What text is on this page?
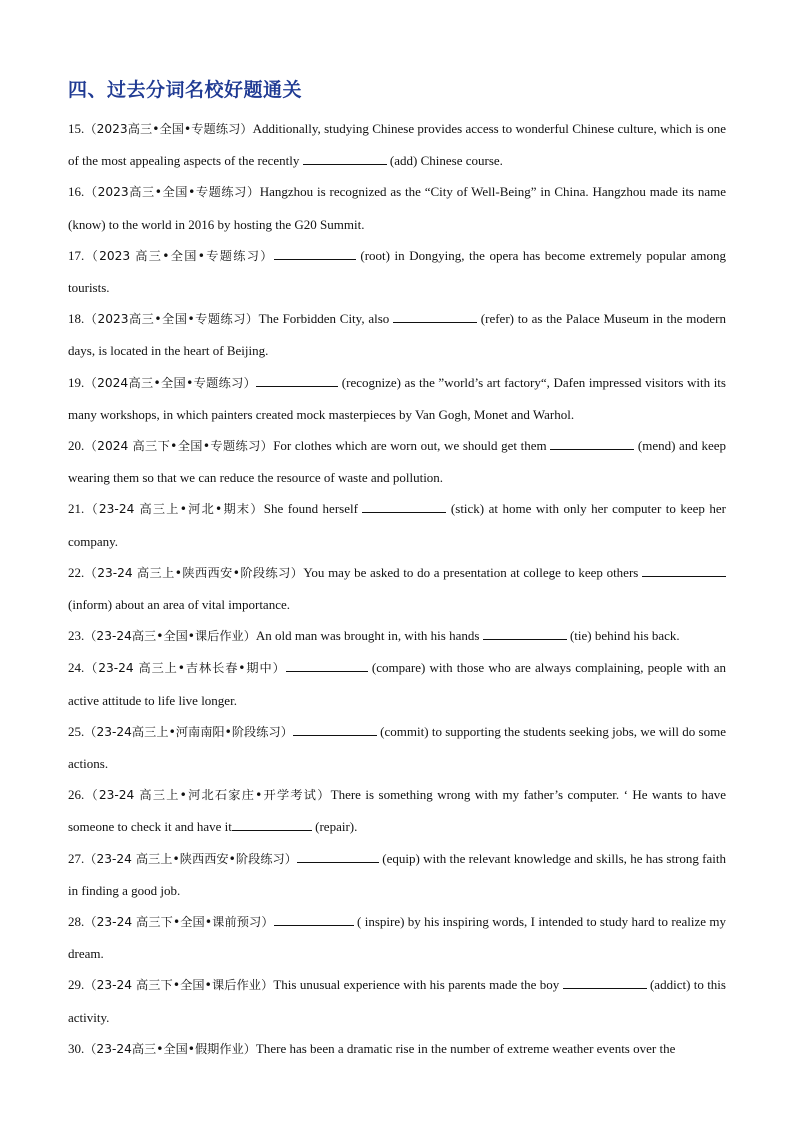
四、过去分词名校好题通关

15.（2023高三•全国•专题练习）Additionally, studying Chinese provides access to wonderful Chinese culture, which is one of the most appealing aspects of the recently	(add) Chinese course.

16.（2023高三•全国•专题练习）Hangzhou is recognized as the “City of Well-Being” in China. Hangzhou made its name (know) to the world in 2016 by hosting the G20 Summit.

17.（2023 高三•全国•专题练习）	(root) in Dongying, the opera has become extremely popular among tourists.

18.（2023高三•全国•专题练习）The Forbidden City, also	(refer) to as the Palace Museum in the modern days, is located in the heart of Beijing.

19.（2024高三•全国•专题练习）	(recognize) as the ”world’s art factory“, Dafen impressed visitors with its many workshops, in which painters created mock masterpieces by Van Gogh, Monet and Warhol.

20.（2024 高三下•全国•专题练习）For clothes which are worn out, we should get them	(mend) and keep wearing them so that we can reduce the resource of waste and pollution.

21.（23-24 高三上•河北•期末）She found herself	(stick) at home with only her computer to keep her company.

22.（23-24 高三上•陕西西安•阶段练习）You may be asked to do a presentation at college to keep others  (inform) about an area of vital importance.

23.（23-24高三•全国•课后作业）An old man was brought in, with his hands	(tie) behind his back.

24.（23-24 高三上•吉林长春•期中）	(compare) with those who are always complaining, people with an active attitude to life live longer.

25.（23-24高三上•河南南阳•阶段练习）	(commit) to supporting the students seeking jobs, we will do some actions.

26.（23-24 高三上•河北石家庄•开学考试）There is something wrong with my father’s computer. ‘ He wants to have someone to check it and have it	(repair).

27.（23-24 高三上•陕西西安•阶段练习）	(equip) with the relevant knowledge and skills, he has strong faith in finding a good job.

28.（23-24 高三下•全国•课前预习）	( inspire) by his inspiring words, I intended to study hard to realize my dream.

29.（23-24 高三下•全国•课后作业）This unusual experience with his parents made the boy	(addict) to this activity.

30.（23-24高三•全国•假期作业）There has been a dramatic rise in the number of extreme weather events over the
